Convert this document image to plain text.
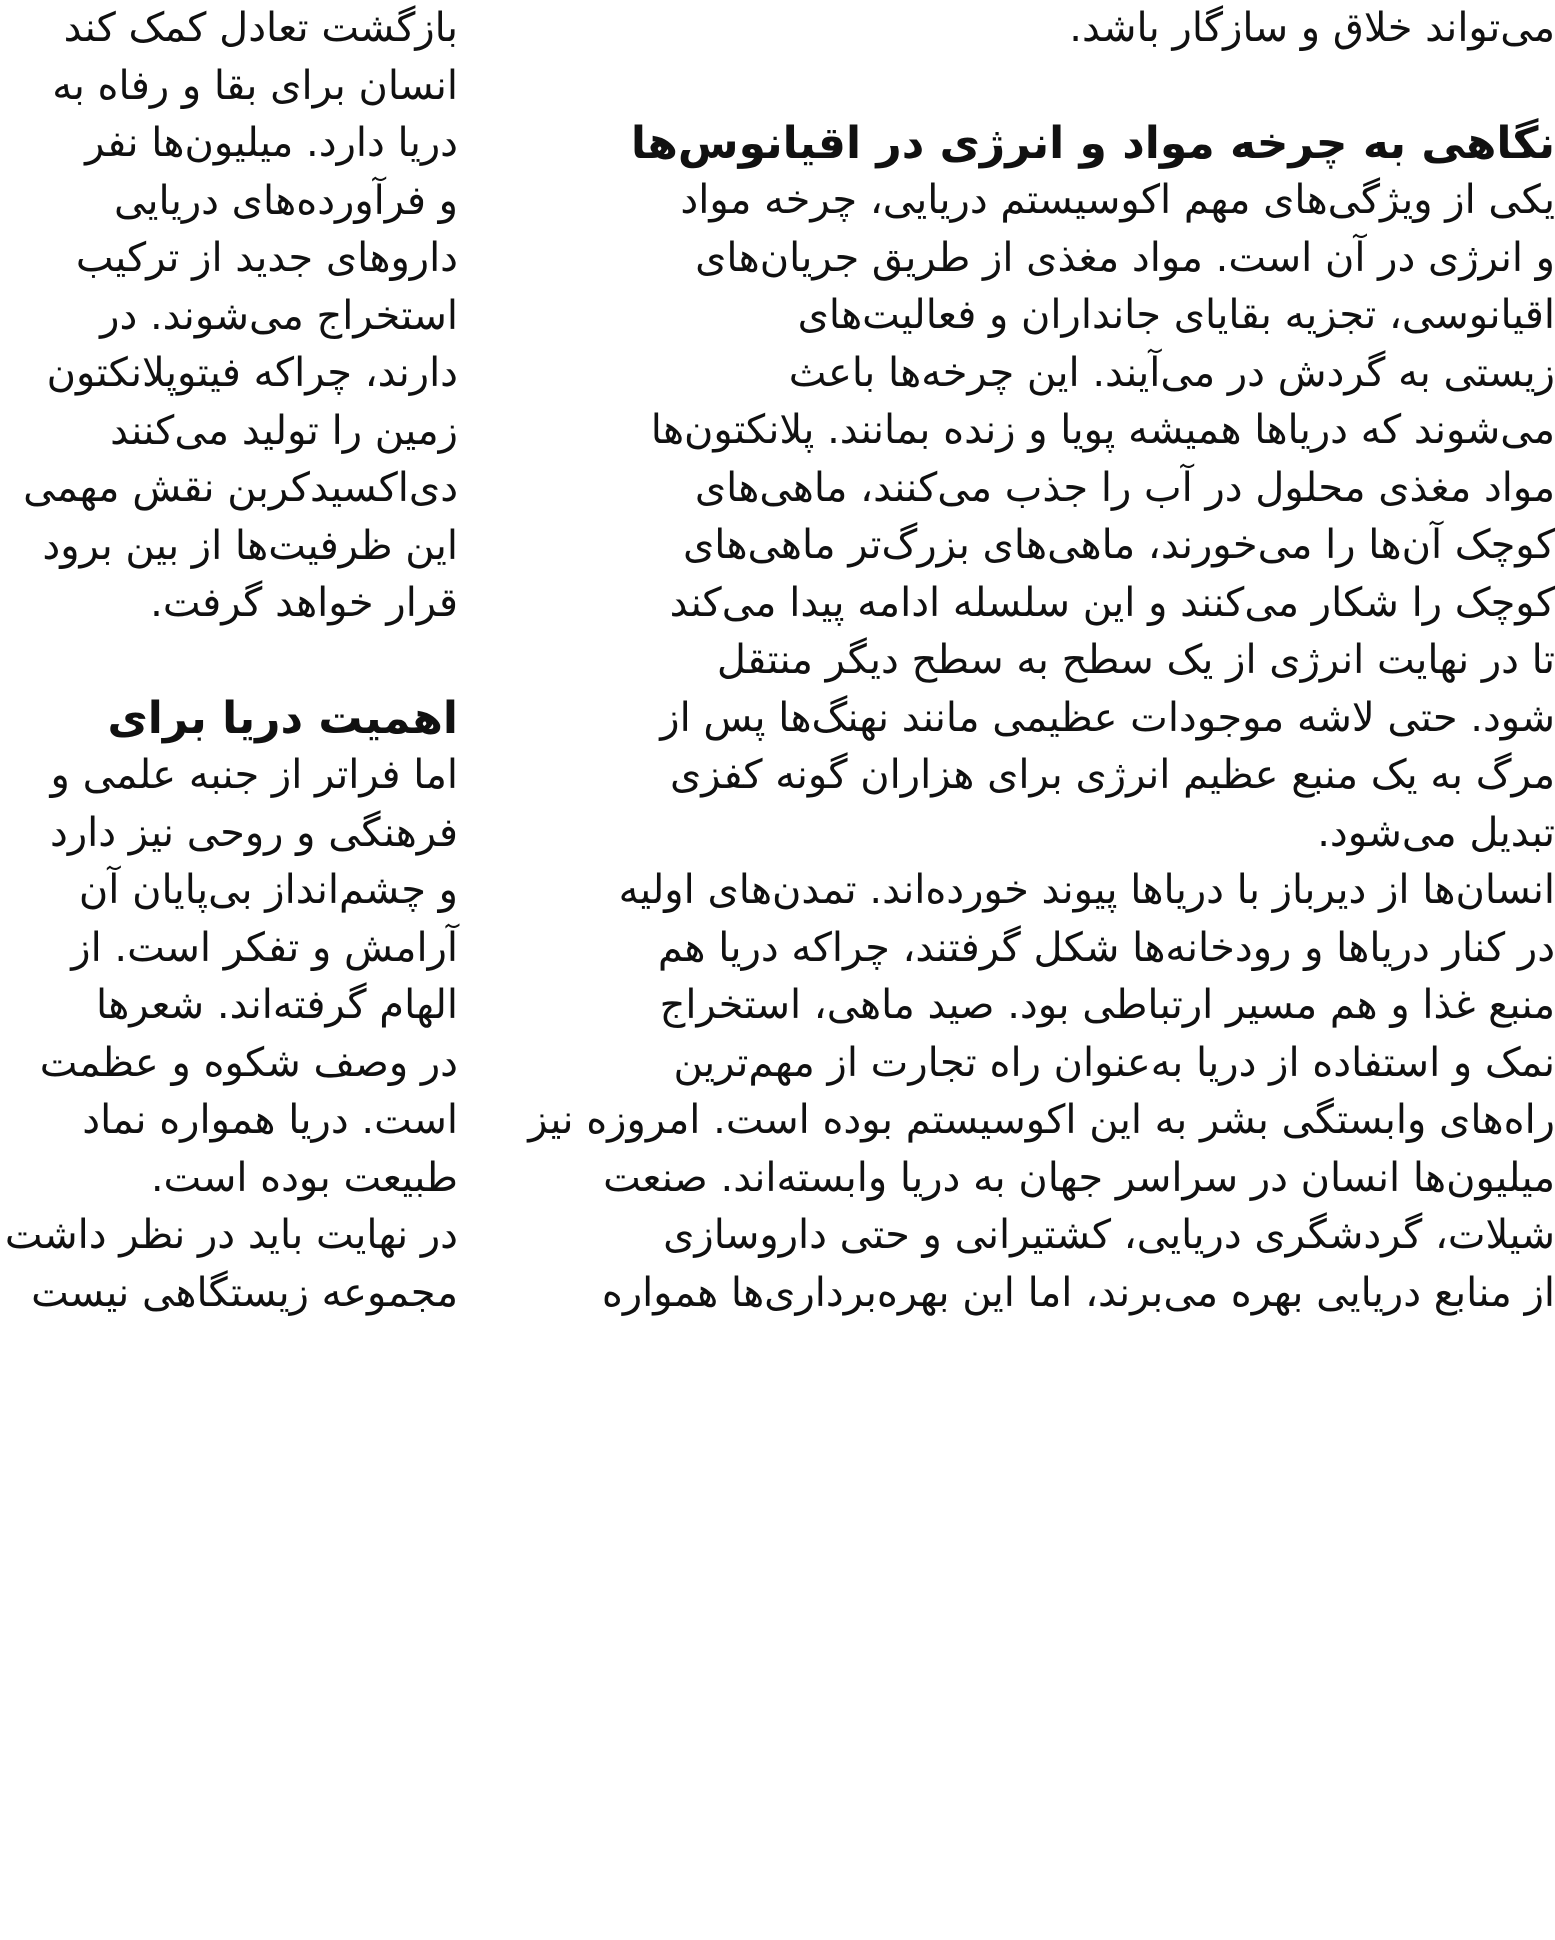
بازگشت تعادل کمک کند
انسان برای بقا و رفاه به
دریا دارد. میلیون‌ها نفر
و فرآورده‌های دریایی
داروهای جدید از ترکیب
استخراج می‌شوند. در
دارند، چراکه فیتوپلانکتون
زمین را تولید می‌کنند
دی‌اکسیدکربن نقش مهمی
این ظرفیت‌ها از بین برود
قرار خواهد گرفت.

اهمیت دریا برای

اما فراتر از جنبه علمی و
فرهنگی و روحی نیز دارد
و چشم‌انداز بی‌پایان آن
آرامش و تفکر است. از
الهام گرفته‌اند. شعرها
در وصف شکوه و عظمت
است. دریا همواره نماد
طبیعت بوده است.

در نهایت باید در نظر داشت
مجموعه زیستگاهی نیست

می‌تواند خلاق و سازگار باشد.
نگاهی به چرخه مواد و انرژی در اقیانوس‌ها

یکی از ویژگی‌های مهم اکوسیستم دریایی، چرخه مواد
و انرژی در آن است. مواد مغذی از طریق جریان‌های
اقیانوسی، تجزیه بقایای جانداران و فعالیت‌های
زیستی به گردش در می‌آیند. این چرخه‌ها باعث
می‌شوند که دریاها همیشه پویا و زنده بمانند. پلانکتون‌ها
مواد مغذی محلول در آب را جذب می‌کنند، ماهی‌های
کوچک آن‌ها را می‌خورند، ماهی‌های بزرگ‌تر ماهی‌های
کوچک را شکار می‌کنند و این سلسله ادامه پیدا می‌کند
تا در نهایت انرژی از یک سطح به سطح دیگر منتقل
شود. حتی لاشه موجودات عظیمی مانند نهنگ‌ها پس از
مرگ به یک منبع عظیم انرژی برای هزاران گونه کفزی
تبدیل می‌شود.

انسان‌ها از دیرباز با دریاها پیوند خورده‌اند. تمدن‌های اولیه
در کنار دریاها و رودخانه‌ها شکل گرفتند، چراکه دریا هم
منبع غذا و هم مسیر ارتباطی بود. صید ماهی، استخراج
نمک و استفاده از دریا به‌عنوان راه تجارت از مهم‌ترین
راه‌های وابستگی بشر به این اکوسیستم بوده است. امروزه نیز
میلیون‌ها انسان در سراسر جهان به دریا وابسته‌اند. صنعت
شیلات، گردشگری دریایی، کشتیرانی و حتی داروسازی
از منابع دریایی بهره می‌برند، اما این بهره‌برداری‌ها همواره
